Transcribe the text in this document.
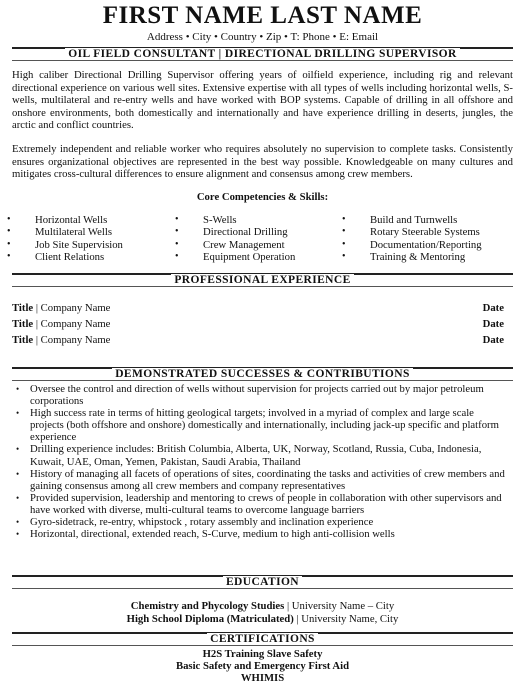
FIRST NAME LAST NAME
Address • City • Country • Zip • T: Phone • E: Email
OIL FIELD CONSULTANT | DIRECTIONAL DRILLING SUPERVISOR

High caliber Directional Drilling Supervisor offering years of oilfield experience, including rig and relevant directional experience on various well sites. Extensive expertise with all types of wells including horizontal wells, S-wells, multilateral and re-entry wells and have worked with BOP systems. Capable of drilling in all offshore and onshore environments, both domestically and internationally and have experience drilling in deserts, jungles, the arctic and conflict countries.

Extremely independent and reliable worker who requires absolutely no supervision to complete tasks. Consistently ensures organizational objectives are represented in the best way possible. Knowledgeable on many cultures and mitigates cross-cultural differences to ensure alignment and consensus among crew members.

Core Competencies & Skills:
• Horizontal Wells
• Multilateral Wells
• Job Site Supervision
• Client Relations
• S-Wells
• Directional Drilling
• Crew Management
• Equipment Operation
• Build and Turnwells
• Rotary Steerable Systems
• Documentation/Reporting
• Training & Mentoring
PROFESSIONAL EXPERIENCE
Title | Company Name	Date
Title | Company Name	Date
Title | Company Name	Date
DEMONSTRATED SUCCESSES & CONTRIBUTIONS
• Oversee the control and direction of wells without supervision for projects carried out by major petroleum corporations
• High success rate in terms of hitting geological targets; involved in a myriad of complex and large scale projects (both offshore and onshore) domestically and internationally, including jack-up specific and platform experience
• Drilling experience includes: British Columbia, Alberta, UK, Norway, Scotland, Russia, Cuba, Indonesia, Kuwait, UAE, Oman, Yemen, Pakistan, Saudi Arabia, Thailand
• History of managing all facets of operations of sites, coordinating the tasks and activities of crew members and gaining consensus among all crew members and company representatives
• Provided supervision, leadership and mentoring to crews of people in collaboration with other supervisors and have worked with diverse, multi-cultural teams to overcome language barriers
• Gyro-sidetrack, re-entry, whipstock , rotary assembly and inclination experience
• Horizontal, directional, extended reach, S-Curve, medium to high anti-collision wells
EDUCATION
Chemistry and Phycology Studies | University Name – City
High School Diploma (Matriculated) | University Name, City
CERTIFICATIONS
H2S Training Slave Safety
Basic Safety and Emergency First Aid
WHIMIS
